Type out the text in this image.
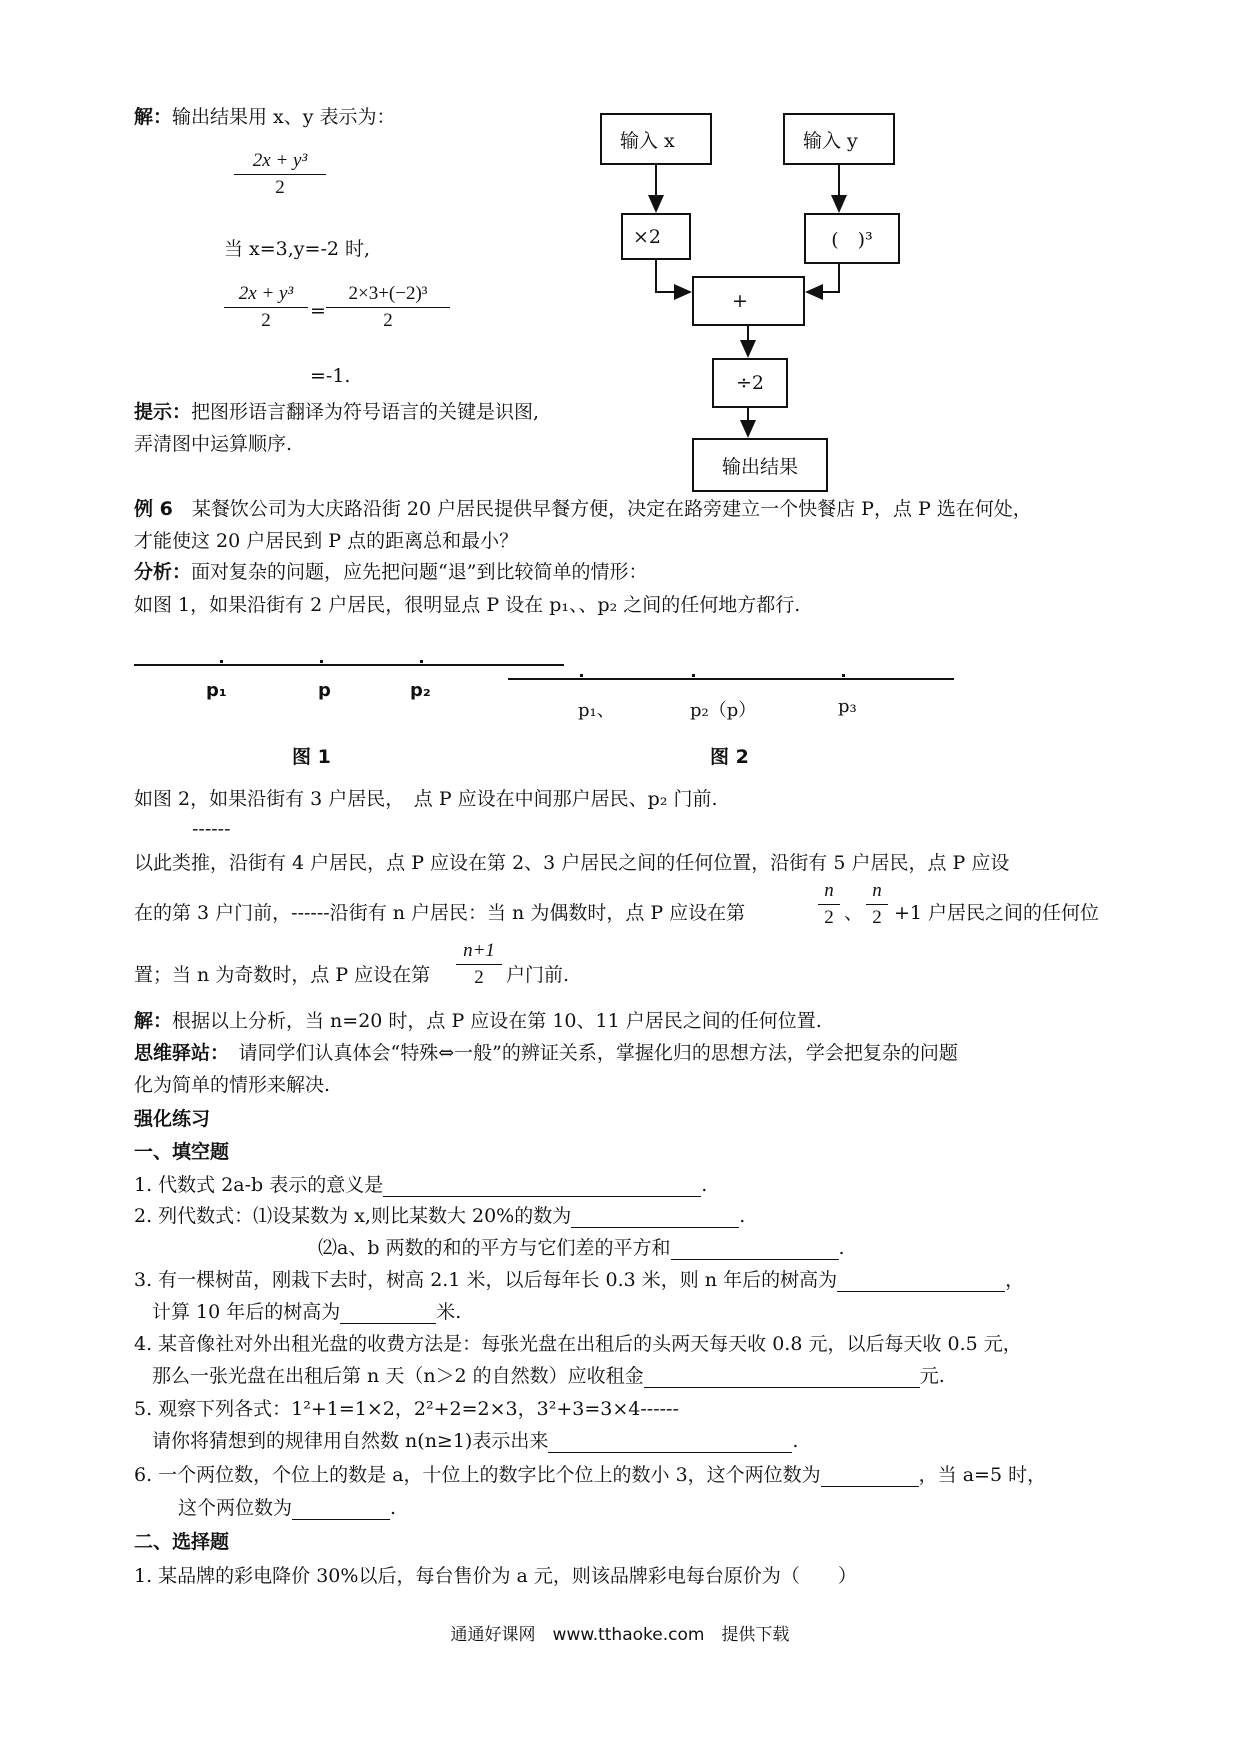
解：输出结果用 x、y 表示为：
2x + y³
2
当 x=3,y=-2 时,
2x + y³
2	=
2×3+(−2)³
2
=-1.
提示：把图形语言翻译为符号语言的关键是识图,
弄清图中运算顺序.
输入 x	输入 y
×2	(　)³
+
÷2
输出结果
例 6　 某餐饮公司为大庆路沿街 20 户居民提供早餐方便，决定在路旁建立一个快餐店 P，点 P 选在何处，
才能使这 20 户居民到 P 点的距离总和最小？
分析：面对复杂的问题，应先把问题“退”到比较简单的情形：
如图 1，如果沿街有 2 户居民，很明显点 P 设在 p₁、、p₂ 之间的任何地方都行.
p₁	p	p₂
图 1
p₁、	p₂（p）	p₃
图 2
如图 2，如果沿街有 3 户居民，　点 P 应设在中间那户居民、p₂ 门前.
------
以此类推，沿街有 4 户居民，点 P 应设在第 2、3 户居民之间的任何位置，沿街有 5 户居民，点 P 应设
在的第 3 户门前，------沿街有 n 户居民：当 n 为偶数时，点 P 应设在第
n
2 、
n
2 +1 户居民之间的任何位
置；当 n 为奇数时，点 P 应设在第
n+1
2	户门前.
解：根据以上分析，当 n=20 时，点 P 应设在第 10、11 户居民之间的任何位置.
思维驿站：　请同学们认真体会“特殊⇔一般”的辨证关系，掌握化归的思想方法，学会把复杂的问题
化为简单的情形来解决.
强化练习
一、填空题
1. 代数式 2a-b 表示的意义是	.
2. 列代数式：⑴设某数为 x,则比某数大 20%的数为	.
⑵a、b 两数的和的平方与它们差的平方和	.
3. 有一棵树苗，刚栽下去时，树高 2.1 米，以后每年长 0.3 米，则 n 年后的树高为	，
计算 10 年后的树高为	米.
4. 某音像社对外出租光盘的收费方法是：每张光盘在出租后的头两天每天收 0.8 元，以后每天收 0.5 元，
那么一张光盘在出租后第 n 天（n＞2 的自然数）应收租金	元.
5. 观察下列各式：1²+1=1×2，2²+2=2×3，3²+3=3×4------
请你将猜想到的规律用自然数 n(n≥1)表示出来	.
6. 一个两位数，个位上的数是 a，十位上的数字比个位上的数小 3，这个两位数为	，当 a=5 时，
这个两位数为	.
二、选择题
1. 某品牌的彩电降价 30%以后，每台售价为 a 元，则该品牌彩电每台原价为（　　）
通通好课网　www.tthaoke.com　提供下载
